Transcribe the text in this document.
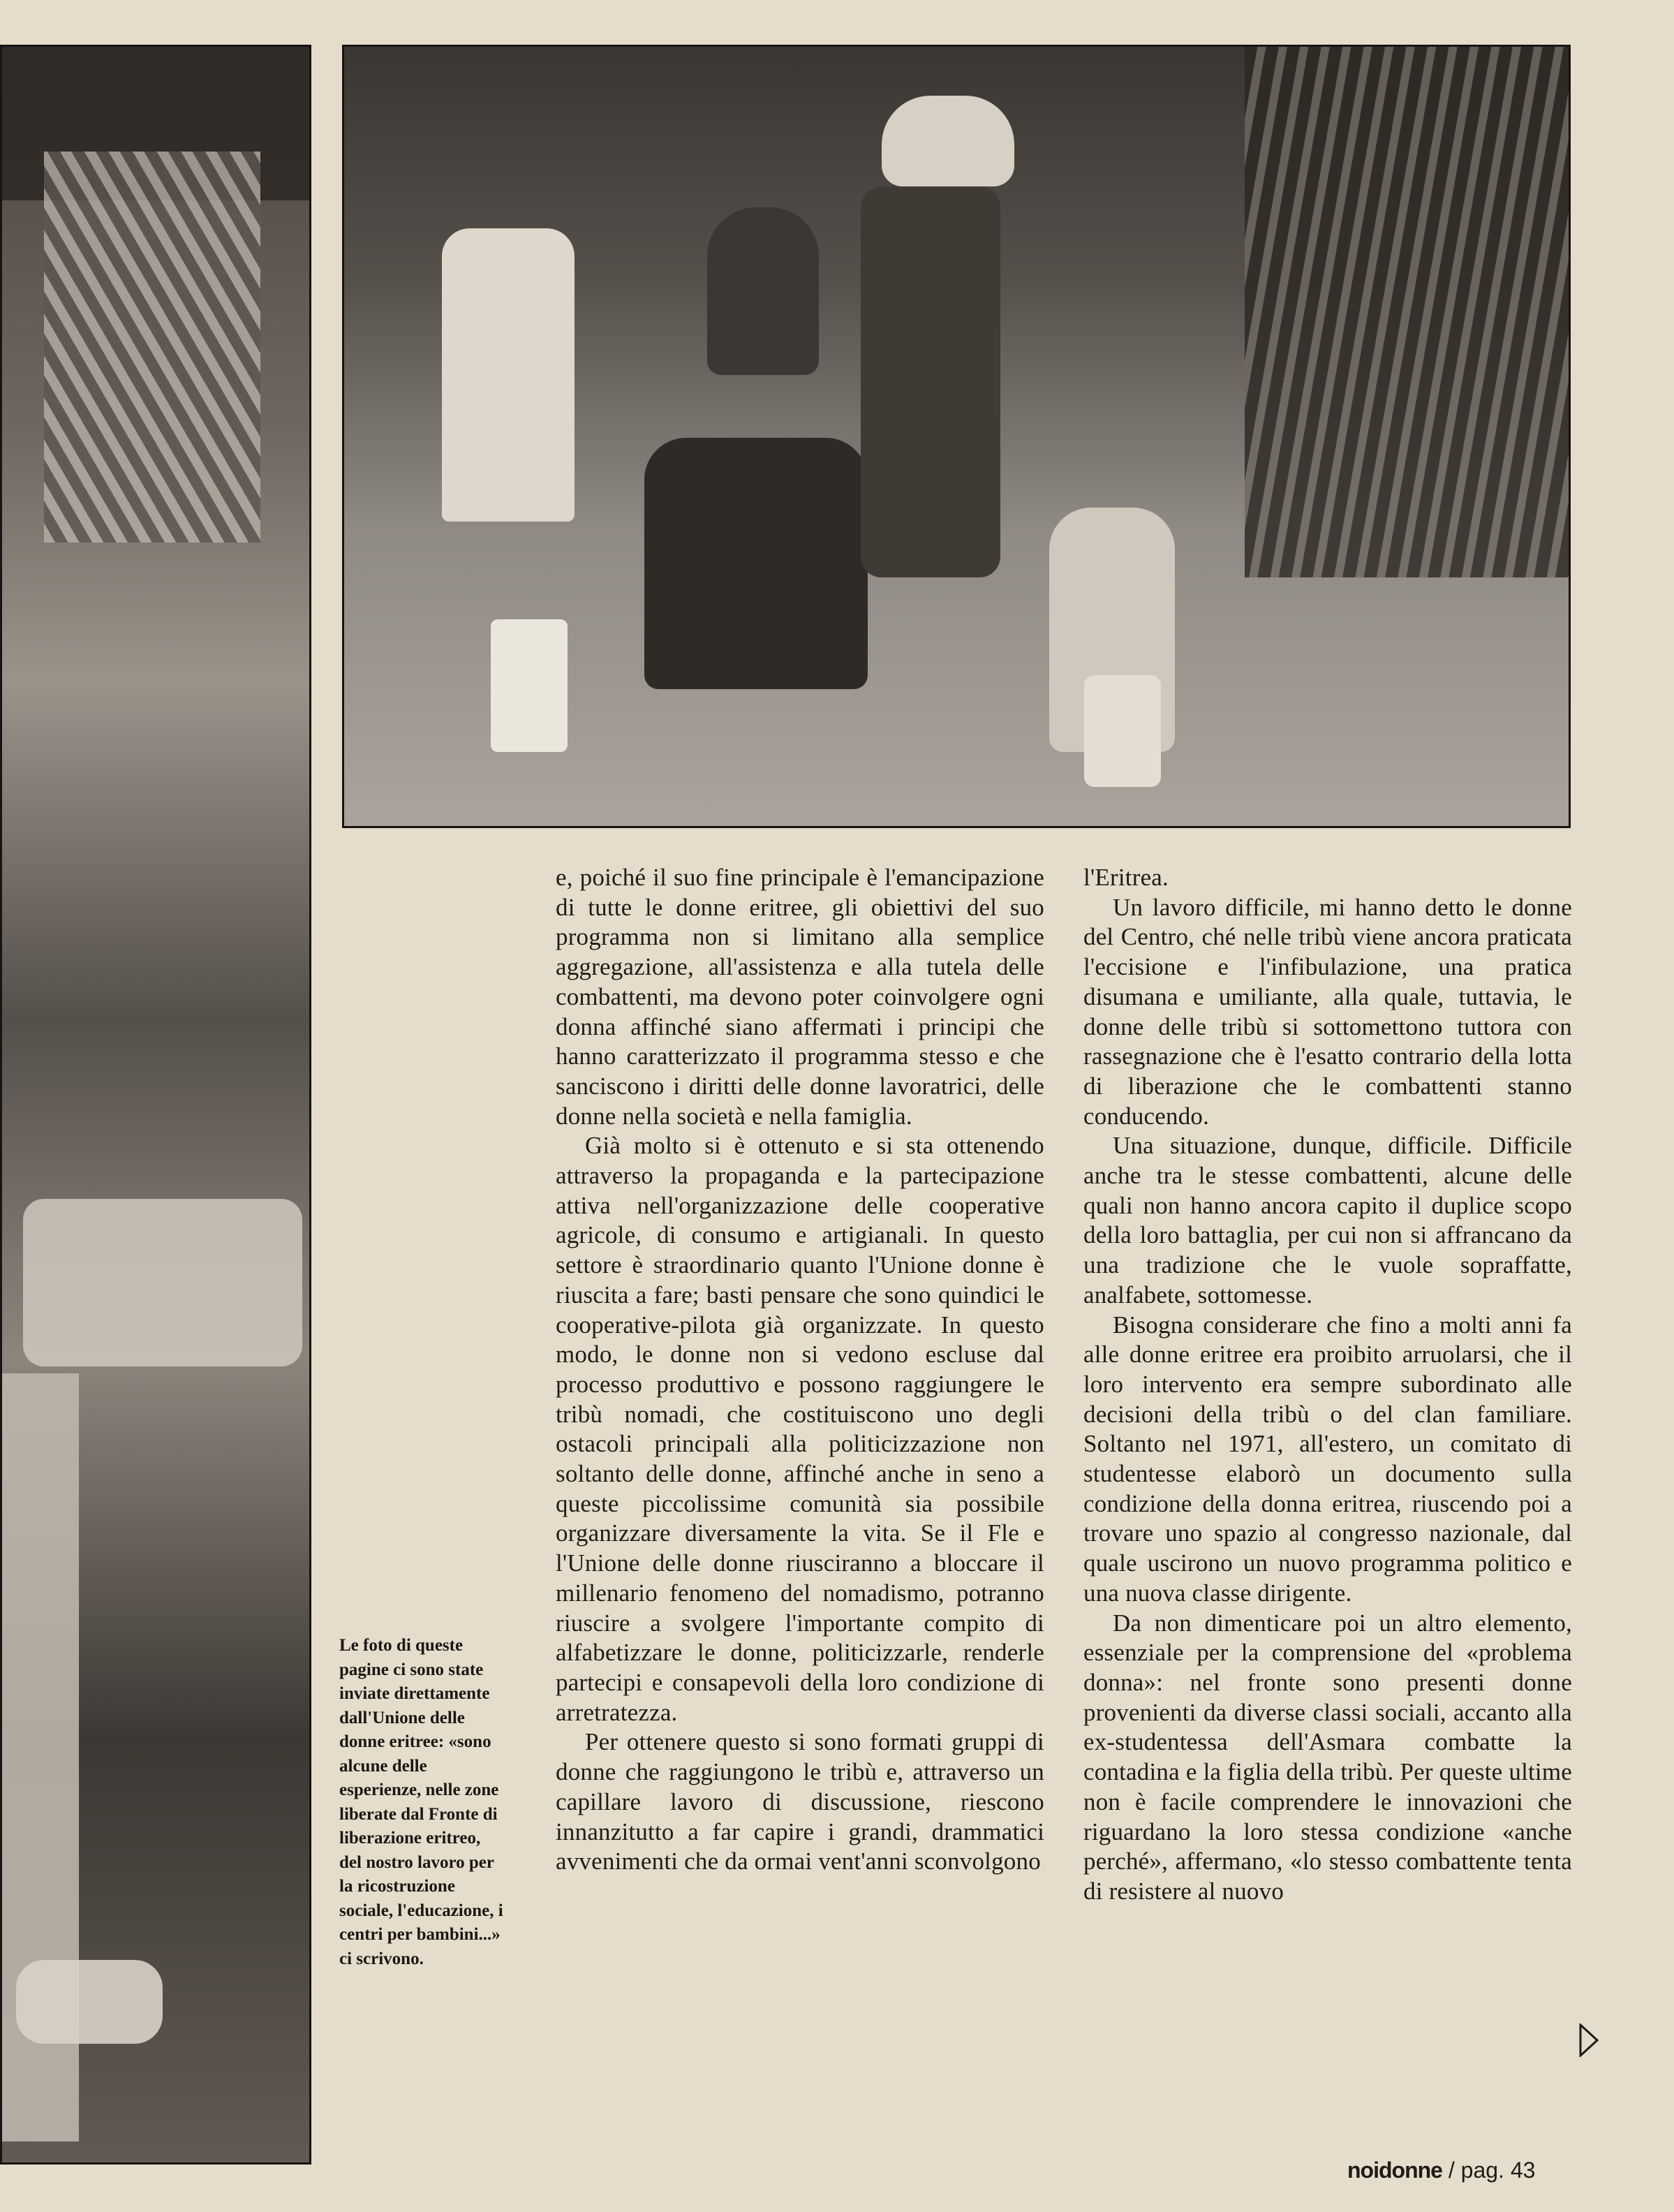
Le foto di queste pagine ci sono state inviate direttamente dall'Unione delle donne eritree: «sono alcune delle esperienze, nelle zone liberate dal Fronte di liberazione eritreo, del nostro lavoro per la ricostruzione sociale, l'educazione, i centri per bambini...» ci scrivono.

e, poiché il suo fine principale è l'emancipazione di tutte le donne eritree, gli obiettivi del suo programma non si limitano alla semplice aggregazione, all'assistenza e alla tutela delle combattenti, ma devono poter coinvolgere ogni donna affinché siano affermati i principi che hanno caratterizzato il programma stesso e che sanciscono i diritti delle donne lavoratrici, delle donne nella società e nella famiglia.

Già molto si è ottenuto e si sta ottenendo attraverso la propaganda e la partecipazione attiva nell'organizzazione delle cooperative agricole, di consumo e artigianali. In questo settore è straordinario quanto l'Unione donne è riuscita a fare; basti pensare che sono quindici le cooperative-pilota già organizzate. In questo modo, le donne non si vedono escluse dal processo produttivo e possono raggiungere le tribù nomadi, che costituiscono uno degli ostacoli principali alla politicizzazione non soltanto delle donne, affinché anche in seno a queste piccolissime comunità sia possibile organizzare diversamente la vita. Se il Fle e l'Unione delle donne riusciranno a bloccare il millenario fenomeno del nomadismo, potranno riuscire a svolgere l'importante compito di alfabetizzare le donne, politicizzarle, renderle partecipi e consapevoli della loro condizione di arretratezza.

Per ottenere questo si sono formati gruppi di donne che raggiungono le tribù e, attraverso un capillare lavoro di discussione, riescono innanzitutto a far capire i grandi, drammatici avvenimenti che da ormai vent'anni sconvolgono

l'Eritrea.

Un lavoro difficile, mi hanno detto le donne del Centro, ché nelle tribù viene ancora praticata l'eccisione e l'infibulazione, una pratica disumana e umiliante, alla quale, tuttavia, le donne delle tribù si sottomettono tuttora con rassegnazione che è l'esatto contrario della lotta di liberazione che le combattenti stanno conducendo.

Una situazione, dunque, difficile. Difficile anche tra le stesse combattenti, alcune delle quali non hanno ancora capito il duplice scopo della loro battaglia, per cui non si affrancano da una tradizione che le vuole sopraffatte, analfabete, sottomesse.

Bisogna considerare che fino a molti anni fa alle donne eritree era proibito arruolarsi, che il loro intervento era sempre subordinato alle decisioni della tribù o del clan familiare. Soltanto nel 1971, all'estero, un comitato di studentesse elaborò un documento sulla condizione della donna eritrea, riuscendo poi a trovare uno spazio al congresso nazionale, dal quale uscirono un nuovo programma politico e una nuova classe dirigente.

Da non dimenticare poi un altro elemento, essenziale per la comprensione del «problema donna»: nel fronte sono presenti donne provenienti da diverse classi sociali, accanto alla ex-studentessa dell'Asmara combatte la contadina e la figlia della tribù. Per queste ultime non è facile comprendere le innovazioni che riguardano la loro stessa condizione «anche perché», affermano, «lo stesso combattente tenta di resistere al nuovo

noidonne / pag. 43
